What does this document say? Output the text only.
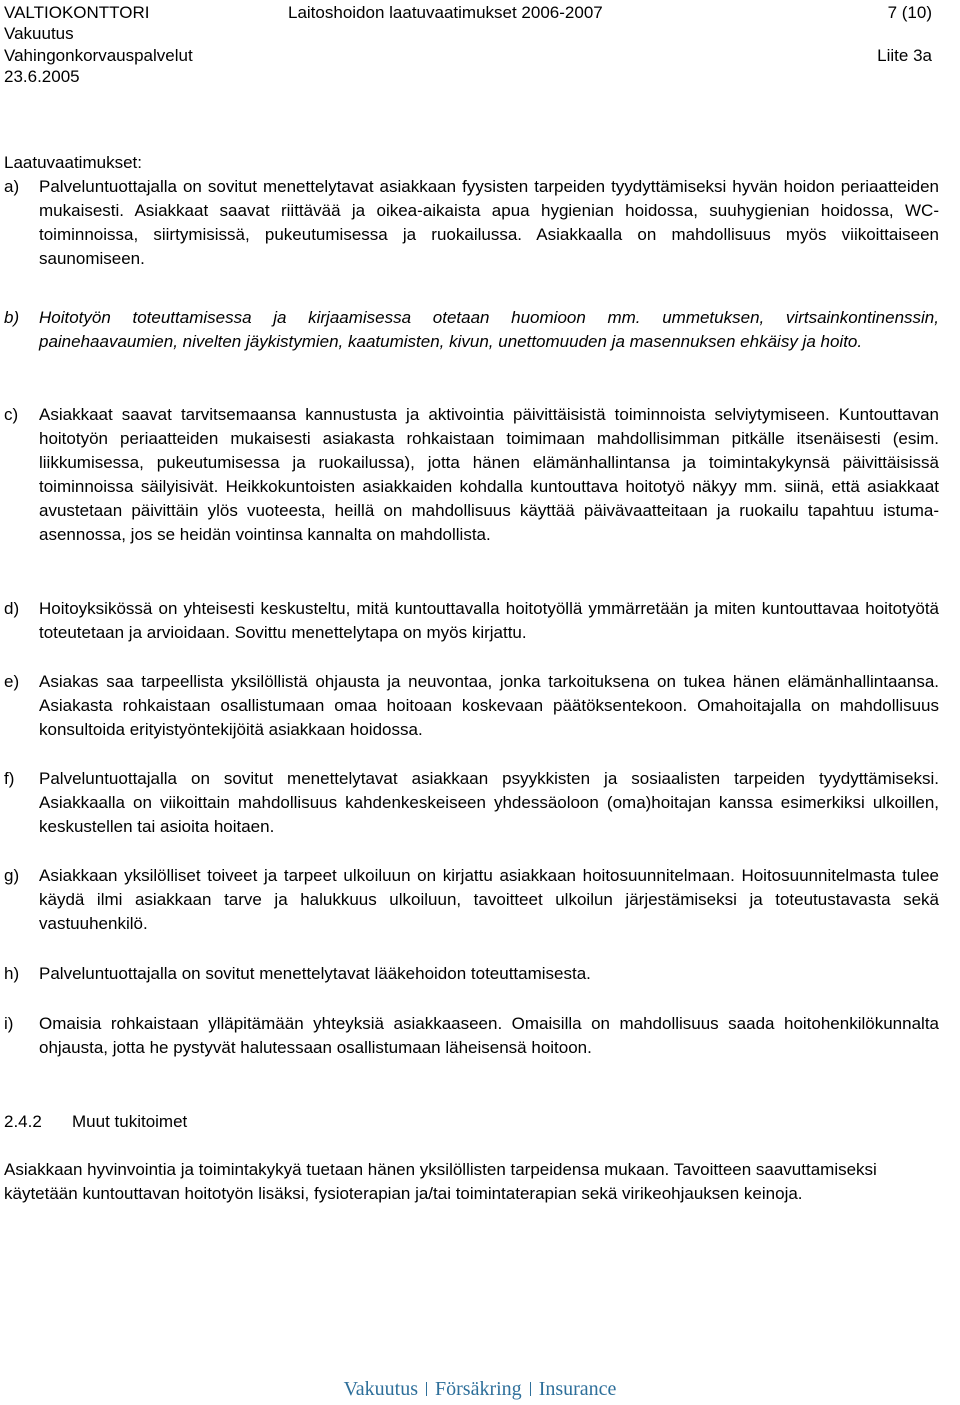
VALTIOKONTTORI
Vakuutus
Vahingonkorvauspalvelut
23.6.2005
Laitoshoidon laatuvaatimukset 2006-2007	7 (10)
Liite 3a
Laatuvaatimukset:
a) Palveluntuottajalla on sovitut menettelytavat asiakkaan fyysisten tarpeiden tyydyttämiseksi hyvän hoidon periaatteiden mukaisesti. Asiakkaat saavat riittävää ja oikea-aikaista apua hygienian hoidossa, suuhygienian hoidossa, WC-toiminnoissa, siirtymisissä, pukeutumisessa ja ruokailussa. Asiakkaalla on mahdollisuus myös viikoittaiseen saunomiseen.
b) Hoitotyön toteuttamisessa ja kirjaamisessa otetaan huomioon mm. ummetuksen, virtsainkontinenssin, painehaavaumien, nivelten jäykistymien, kaatumisten, kivun, unettomuuden ja masennuksen ehkäisy ja hoito.
c) Asiakkaat saavat tarvitsemaansa kannustusta ja aktivointia päivittäisistä toiminnoista selviytymiseen. Kuntouttavan hoitotyön periaatteiden mukaisesti asiakasta rohkaistaan toimimaan mahdollisimman pitkälle itsenäisesti (esim. liikkumisessa, pukeutumisessa ja ruokailussa), jotta hänen elämänhallintansa ja toimintakykynsä päivittäisissä toiminnoissa säilyisivät. Heikkokuntoisten asiakkaiden kohdalla kuntouttava hoitotyö näkyy mm. siinä, että asiakkaat avustetaan päivittäin ylös vuoteesta, heillä on mahdollisuus käyttää päivävaatteitaan ja ruokailu tapahtuu istuma-asennossa, jos se heidän vointinsa kannalta on mahdollista.
d) Hoitoyksikössä on yhteisesti keskusteltu, mitä kuntouttavalla hoitotyöllä ymmärretään ja miten kuntouttavaa hoitotyötä toteutetaan ja arvioidaan. Sovittu menettelytapa on myös kirjattu.
e) Asiakas saa tarpeellista yksilöllistä ohjausta ja neuvontaa, jonka tarkoituksena on tukea hänen elämänhallintaansa. Asiakasta rohkaistaan osallistumaan omaa hoitoaan koskevaan päätöksentekoon. Omahoitajalla on mahdollisuus konsultoida erityistyöntekijöitä asiakkaan hoidossa.
f) Palveluntuottajalla on sovitut menettelytavat asiakkaan psyykkisten ja sosiaalisten tarpeiden tyydyttämiseksi. Asiakkaalla on viikoittain mahdollisuus kahdenkeskeiseen yhdessäoloon (oma)hoitajan kanssa esimerkiksi ulkoillen, keskustellen tai asioita hoitaen.
g) Asiakkaan yksilölliset toiveet ja tarpeet ulkoiluun on kirjattu asiakkaan hoitosuunnitelmaan. Hoitosuunnitelmasta tulee käydä ilmi asiakkaan tarve ja halukkuus ulkoiluun, tavoitteet ulkoilun järjestämiseksi ja toteutustavasta sekä vastuuhenkilö.
h) Palveluntuottajalla on sovitut menettelytavat lääkehoidon toteuttamisesta.
i) Omaisia rohkaistaan ylläpitämään yhteyksiä asiakkaaseen. Omaisilla on mahdollisuus saada hoitohenkilökunnalta ohjausta, jotta he pystyvät halutessaan osallistumaan läheisensä hoitoon.
2.4.2 Muut tukitoimet
Asiakkaan hyvinvointia ja toimintakykyä tuetaan hänen yksilöllisten tarpeidensa mukaan. Tavoitteen saavuttamiseksi käytetään kuntouttavan hoitotyön lisäksi, fysioterapian ja/tai toimintaterapian sekä virikeohjauksen keinoja.
Vakuutus Försäkring Insurance
